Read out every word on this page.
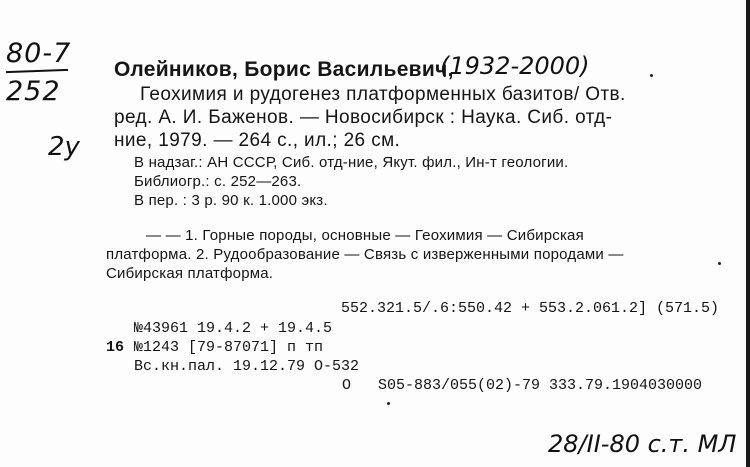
80-7
252
2у
(1932-2000)
28/II-80 с.т. МЛ
Олейников, Борис Васильевич,
Геохимия и рудогенез платформенных базитов/ Отв.
ред. А. И. Баженов. — Новосибирск : Наука. Сиб. отд-
ние, 1979. — 264 с., ил.; 26 см.
В надзаг.: АН СССР, Сиб. отд-ние, Якут. фил., Ин-т геологии.
Библиогр.: с. 252—263.
В пер. : 3 р. 90 к. 1.000 экз.
— — 1. Горные породы, основные — Геохимия — Сибирская
платформа. 2. Рудообразование — Связь с изверженными породами —
Сибирская платформа.
552.321.5/.6:550.42 + 553.2.061.2] (571.5)
№43961 19.4.2 + 19.4.5
16 №1243 [79-87071] п тп
Вс.кн.пал. 19.12.79 О-532
О Ѕ05-883/055(02)-79 333.79.1904030000
